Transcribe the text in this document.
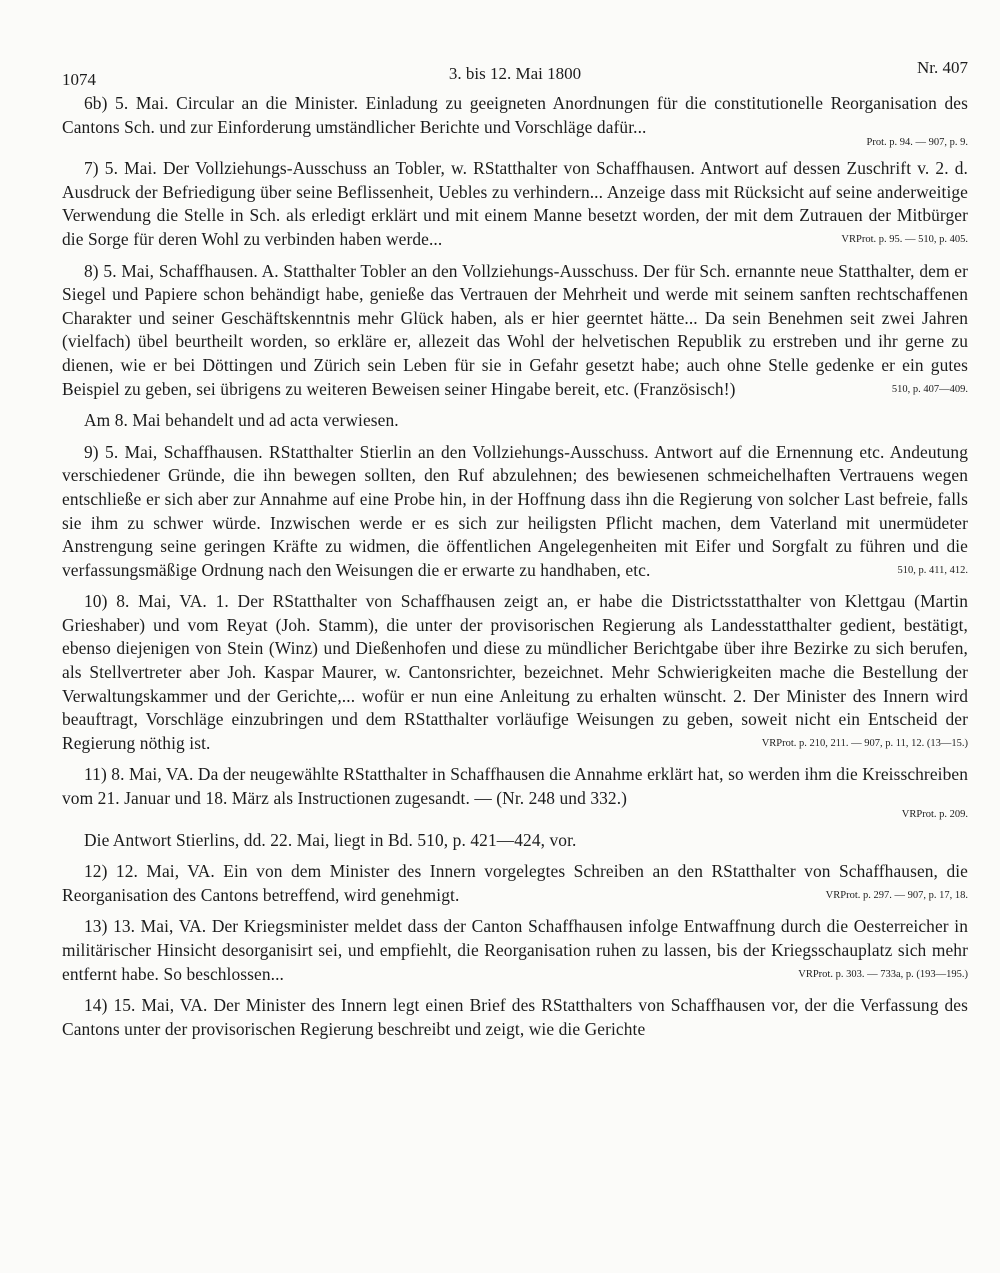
1074	3. bis 12. Mai 1800	Nr. 407

6b) 5. Mai. Circular an die Minister. Einladung zu geeigneten Anordnungen für die constitutionelle Reorganisation des Cantons Sch. und zur Einforderung umständlicher Berichte und Vorschläge dafür...
Prot. p. 94. — 907, p. 9.

7) 5. Mai. Der Vollziehungs-Ausschuss an Tobler, w. RStatthalter von Schaffhausen. Antwort auf dessen Zuschrift v. 2. d. Ausdruck der Befriedigung über seine Beflissenheit, Uebles zu verhindern... Anzeige dass mit Rücksicht auf seine anderweitige Verwendung die Stelle in Sch. als erledigt erklärt und mit einem Manne besetzt worden, der mit dem Zutrauen der Mitbürger die Sorge für deren Wohl zu verbinden haben werde...	VRProt. p. 95. — 510, p. 405.

8) 5. Mai, Schaffhausen. A. Statthalter Tobler an den Vollziehungs-Ausschuss. Der für Sch. ernannte neue Statthalter, dem er Siegel und Papiere schon behändigt habe, genieße das Vertrauen der Mehrheit und werde mit seinem sanften rechtschaffenen Charakter und seiner Geschäftskenntnis mehr Glück haben, als er hier geerntet hätte... Da sein Benehmen seit zwei Jahren (vielfach) übel beurtheilt worden, so erkläre er, allezeit das Wohl der helvetischen Republik zu erstreben und ihr gerne zu dienen, wie er bei Döttingen und Zürich sein Leben für sie in Gefahr gesetzt habe; auch ohne Stelle gedenke er ein gutes Beispiel zu geben, sei übrigens zu weiteren Beweisen seiner Hingabe bereit, etc. (Französisch!)	510, p. 407—409.

Am 8. Mai behandelt und ad acta verwiesen.

9) 5. Mai, Schaffhausen. RStatthalter Stierlin an den Vollziehungs-Ausschuss. Antwort auf die Ernennung etc. Andeutung verschiedener Gründe, die ihn bewegen sollten, den Ruf abzulehnen; des bewiesenen schmeichelhaften Vertrauens wegen entschließe er sich aber zur Annahme auf eine Probe hin, in der Hoffnung dass ihn die Regierung von solcher Last befreie, falls sie ihm zu schwer würde. Inzwischen werde er es sich zur heiligsten Pflicht machen, dem Vaterland mit unermüdeter Anstrengung seine geringen Kräfte zu widmen, die öffentlichen Angelegenheiten mit Eifer und Sorgfalt zu führen und die verfassungsmäßige Ordnung nach den Weisungen die er erwarte zu handhaben, etc.	510, p. 411, 412.

10) 8. Mai, VA. 1. Der RStatthalter von Schaffhausen zeigt an, er habe die Districtsstatthalter von Klettgau (Martin Grieshaber) und vom Reyat (Joh. Stamm), die unter der provisorischen Regierung als Landesstatthalter gedient, bestätigt, ebenso diejenigen von Stein (Winz) und Dießenhofen und diese zu mündlicher Berichtgabe über ihre Bezirke zu sich berufen, als Stellvertreter aber Joh. Kaspar Maurer, w. Cantonsrichter, bezeichnet. Mehr Schwierigkeiten mache die Bestellung der Verwaltungskammer und der Gerichte,... wofür er nun eine Anleitung zu erhalten wünscht. 2. Der Minister des Innern wird beauftragt, Vorschläge einzubringen und dem RStatthalter vorläufige Weisungen zu geben, soweit nicht ein Entscheid der Regierung nöthig ist.	VRProt. p. 210, 211. — 907, p. 11, 12. (13—15.)

11) 8. Mai, VA. Da der neugewählte RStatthalter in Schaffhausen die Annahme erklärt hat, so werden ihm die Kreisschreiben vom 21. Januar und 18. März als Instructionen zugesandt. — (Nr. 248 und 332.)
VRProt. p. 209.

Die Antwort Stierlins, dd. 22. Mai, liegt in Bd. 510, p. 421—424, vor.

12) 12. Mai, VA. Ein von dem Minister des Innern vorgelegtes Schreiben an den RStatthalter von Schaffhausen, die Reorganisation des Cantons betreffend, wird genehmigt.	VRProt. p. 297. — 907, p. 17, 18.

13) 13. Mai, VA. Der Kriegsminister meldet dass der Canton Schaffhausen infolge Entwaffnung durch die Oesterreicher in militärischer Hinsicht desorganisirt sei, und empfiehlt, die Reorganisation ruhen zu lassen, bis der Kriegsschauplatz sich mehr entfernt habe. So beschlossen...	VRProt. p. 303. — 733a, p. (193—195.)

14) 15. Mai, VA. Der Minister des Innern legt einen Brief des RStatthalters von Schaffhausen vor, der die Verfassung des Cantons unter der provisorischen Regierung beschreibt und zeigt, wie die Gerichte
